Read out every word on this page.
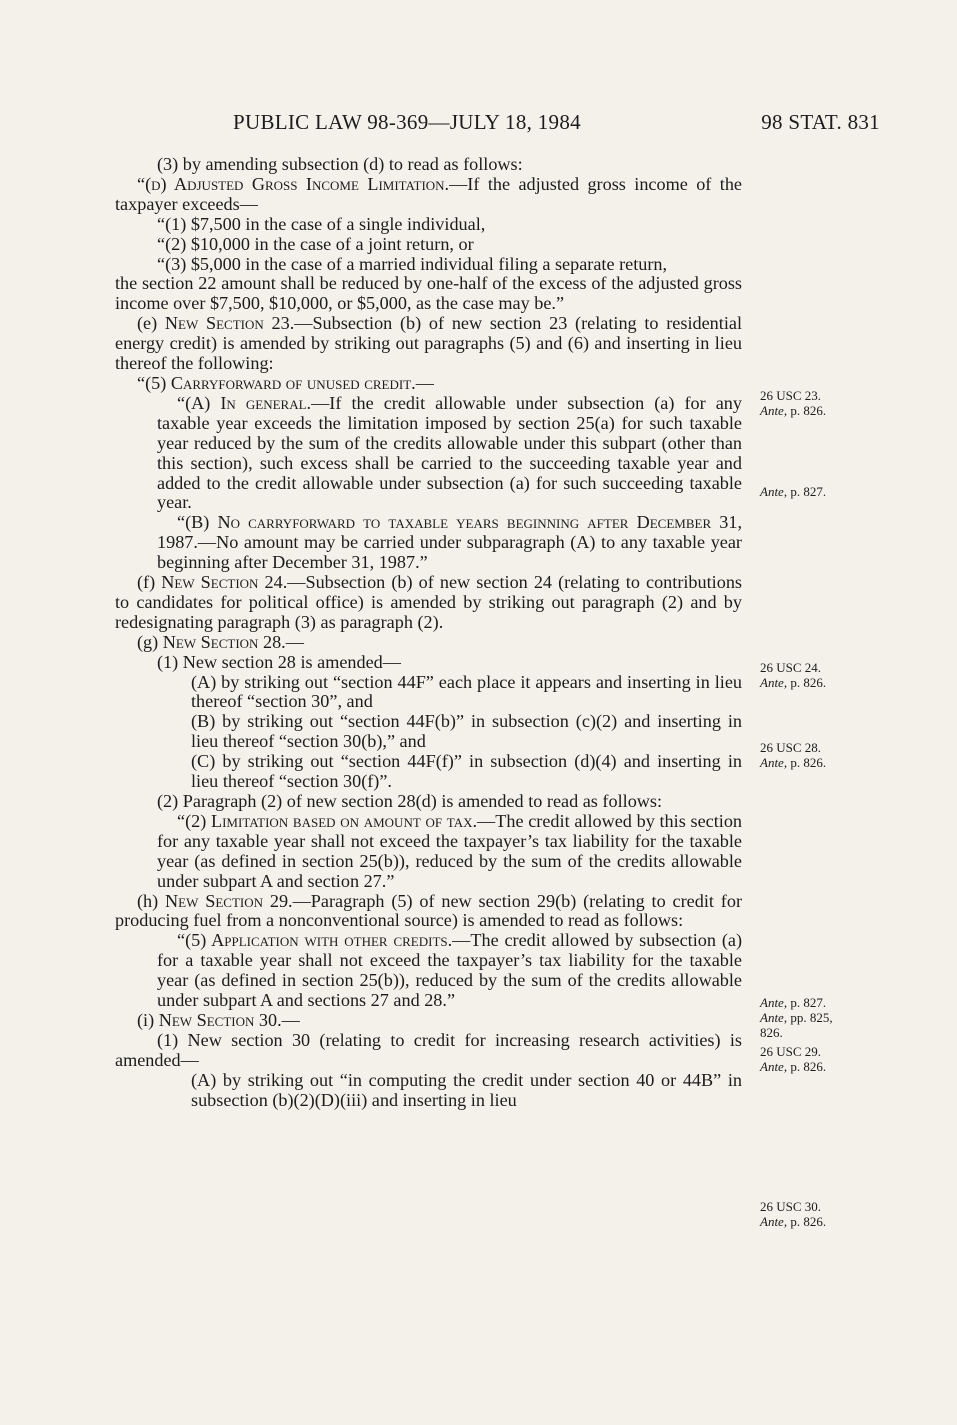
PUBLIC LAW 98-369—JULY 18, 1984	98 STAT. 831

(3) by amending subsection (d) to read as follows:

“(d) Adjusted Gross Income Limitation.—If the adjusted gross income of the taxpayer exceeds—

“(1) $7,500 in the case of a single individual,

“(2) $10,000 in the case of a joint return, or

“(3) $5,000 in the case of a married individual filing a separate return,

the section 22 amount shall be reduced by one-half of the excess of the adjusted gross income over $7,500, $10,000, or $5,000, as the case may be.”

(e) New Section 23.—Subsection (b) of new section 23 (relating to residential energy credit) is amended by striking out paragraphs (5) and (6) and inserting in lieu thereof the following:

“(5) Carryforward of unused credit.—

“(A) In general.—If the credit allowable under subsection (a) for any taxable year exceeds the limitation imposed by section 25(a) for such taxable year reduced by the sum of the credits allowable under this subpart (other than this section), such excess shall be carried to the succeeding taxable year and added to the credit allowable under subsection (a) for such succeeding taxable year.

“(B) No carryforward to taxable years beginning after December 31, 1987.—No amount may be carried under subparagraph (A) to any taxable year beginning after December 31, 1987.”

(f) New Section 24.—Subsection (b) of new section 24 (relating to contributions to candidates for political office) is amended by striking out paragraph (2) and by redesignating paragraph (3) as paragraph (2).

(g) New Section 28.—

(1) New section 28 is amended—

(A) by striking out “section 44F” each place it appears and inserting in lieu thereof “section 30”, and

(B) by striking out “section 44F(b)” in subsection (c)(2) and inserting in lieu thereof “section 30(b),” and

(C) by striking out “section 44F(f)” in subsection (d)(4) and inserting in lieu thereof “section 30(f)”.

(2) Paragraph (2) of new section 28(d) is amended to read as follows:

“(2) Limitation based on amount of tax.—The credit allowed by this section for any taxable year shall not exceed the taxpayer’s tax liability for the taxable year (as defined in section 25(b)), reduced by the sum of the credits allowable under subpart A and section 27.”

(h) New Section 29.—Paragraph (5) of new section 29(b) (relating to credit for producing fuel from a nonconventional source) is amended to read as follows:

“(5) Application with other credits.—The credit allowed by subsection (a) for a taxable year shall not exceed the taxpayer’s tax liability for the taxable year (as defined in section 25(b)), reduced by the sum of the credits allowable under subpart A and sections 27 and 28.”

(i) New Section 30.—

(1) New section 30 (relating to credit for increasing research activities) is amended—

(A) by striking out “in computing the credit under section 40 or 44B” in subsection (b)(2)(D)(iii) and inserting in lieu

26 USC 23.
Ante, p. 826.
Ante, p. 827.
26 USC 24.
Ante, p. 826.
26 USC 28.
Ante, p. 826.
Ante, p. 827.
Ante, pp. 825,
826.
26 USC 29.
Ante, p. 826.
26 USC 30.
Ante, p. 826.
